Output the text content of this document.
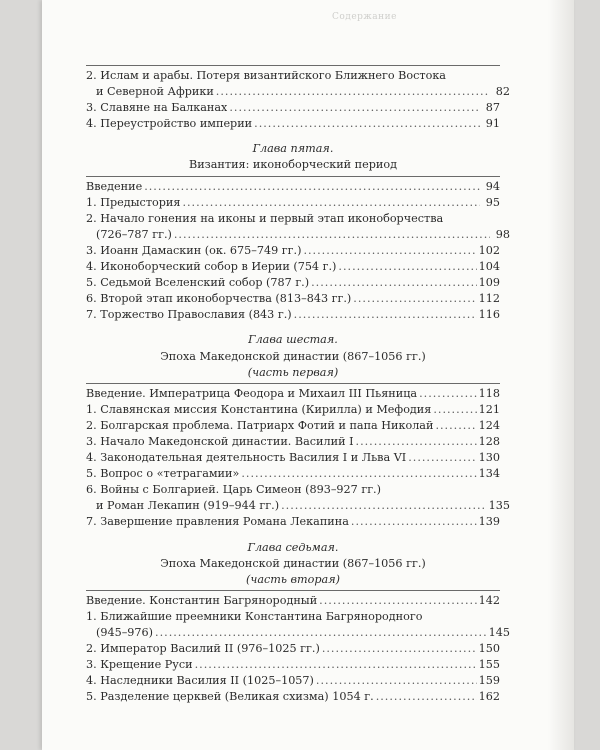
Содержание
2. Ислам и арабы. Потеря византийского Ближнего Востока
и Северной Африки .....	82
3. Славяне на Балканах .....	87
4. Переустройство империи .....	91
Глава пятая.
Византия: иконоборческий период
Введение .....	94
1. Предыстория .....	95
2. Начало гонения на иконы и первый этап иконоборчества
(726–787 гг.) .....	98
3. Иоанн Дамаскин (ок. 675–749 гг.) .....	102
4. Иконоборческий собор в Иерии (754 г.) .....	104
5. Седьмой Вселенский собор (787 г.) .....	109
6. Второй этап иконоборчества (813–843 гг.) .....	112
7. Торжество Православия (843 г.) .....	116
Глава шестая.
Эпоха Македонской династии (867–1056 гг.)
(часть первая)
Введение. Императрица Феодора и Михаил III Пьяница .....	118
1. Славянская миссия Константина (Кирилла) и Мефодия .....	121
2. Болгарская проблема. Патриарх Фотий и папа Николай .....	124
3. Начало Македонской династии. Василий I .....	128
4. Законодательная деятельность Василия I и Льва VI .....	130
5. Вопрос о «тетрагамии» .....	134
6. Войны с Болгарией. Царь Симеон (893–927 гг.)
и Роман Лекапин (919–944 гг.) .....	135
7. Завершение правления Романа Лекапина .....	139
Глава седьмая.
Эпоха Македонской династии (867–1056 гг.)
(часть вторая)
Введение. Константин Багрянородный .....	142
1. Ближайшие преемники Константина Багрянородного
(945–976) .....	145
2. Император Василий II (976–1025 гг.) .....	150
3. Крещение Руси .....	155
4. Наследники Василия II (1025–1057) .....	159
5. Разделение церквей (Великая схизма) 1054 г. .....	162
